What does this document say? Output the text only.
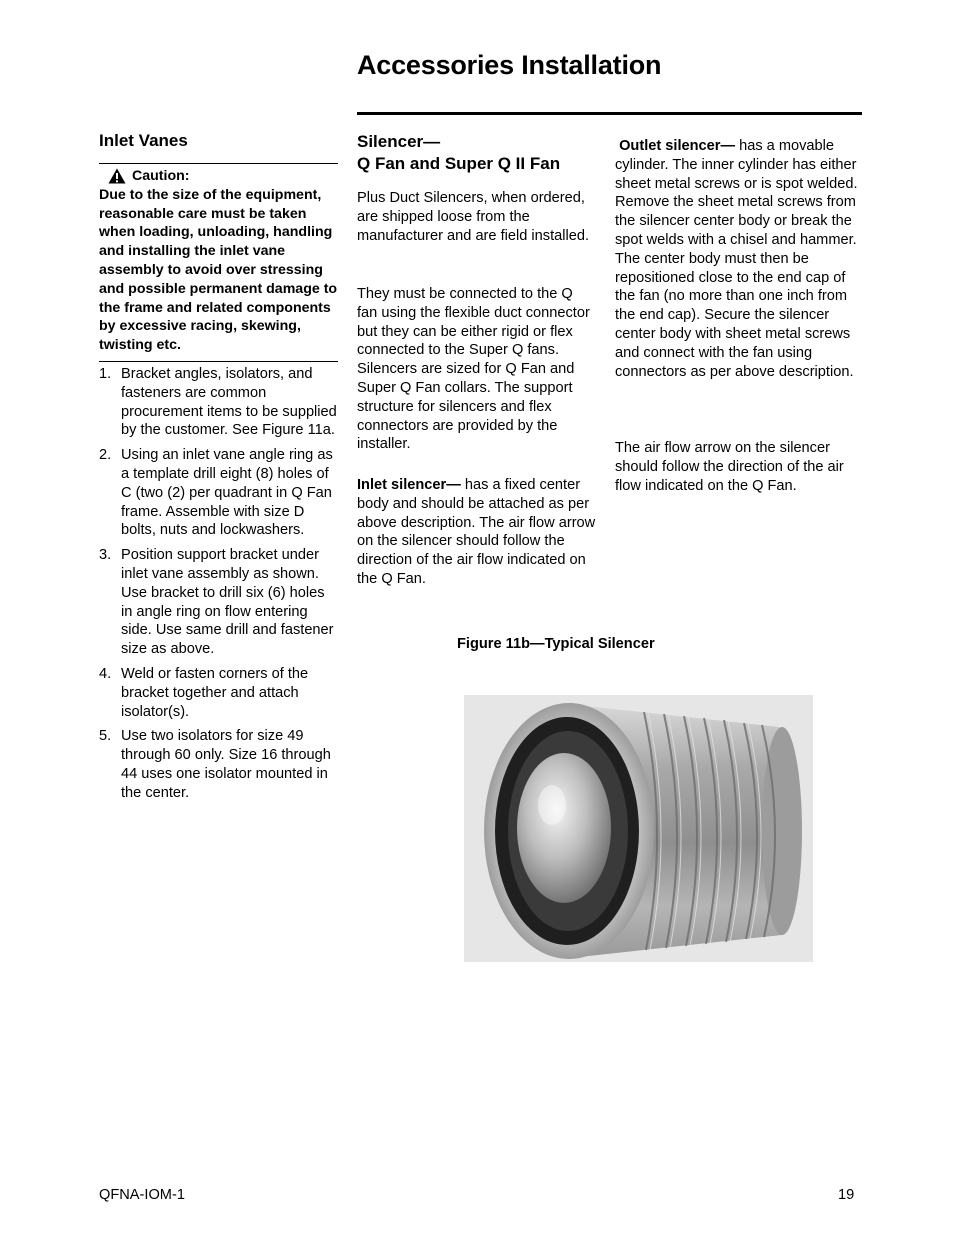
Accessories Installation
Inlet Vanes
Caution:
Due to the size of the equipment, reasonable care must be taken when loading, unloading, handling and installing the inlet vane assembly to avoid over stressing and possible permanent damage to the frame and related components by excessive racing, skewing, twisting etc.
1. Bracket angles, isolators, and fasteners are common procurement items to be supplied by the customer. See Figure 11a.
2. Using an inlet vane angle ring as a template drill eight (8) holes of C (two (2) per quadrant in Q Fan frame. Assemble with size D bolts, nuts and lockwashers.
3. Position support bracket under inlet vane assembly as shown. Use bracket to drill six (6) holes in angle ring on flow entering side. Use same drill and fastener size as above.
4. Weld or fasten corners of the bracket together and attach isolator(s).
5. Use two isolators for size 49 through 60 only. Size 16 through 44 uses one isolator mounted in the center.
Silencer—
Q Fan and Super Q II Fan

Plus Duct Silencers, when ordered, are shipped loose from the manufacturer and are field installed.

They must be connected to the Q fan using the flexible duct connector but they can be either rigid or flex connected to the Super Q fans. Silencers are sized for Q Fan and Super Q Fan collars. The support structure for silencers and flex connectors are provided by the installer.

Inlet silencer— has a fixed center body and should be attached as per above description. The air flow arrow on the silencer should follow the direction of the air flow indicated on the Q Fan.

Outlet silencer— has a movable cylinder. The inner cylinder has either sheet metal screws or is spot welded. Remove the sheet metal screws from the silencer center body or break the spot welds with a chisel and hammer. The center body must then be repositioned close to the end cap of the fan (no more than one inch from the end cap). Secure the silencer center body with sheet metal screws and connect with the fan using connectors as per above description.

The air flow arrow on the silencer should follow the direction of the air flow indicated on the Q Fan.

Figure 11b—Typical Silencer
QFNA-IOM-1	19
